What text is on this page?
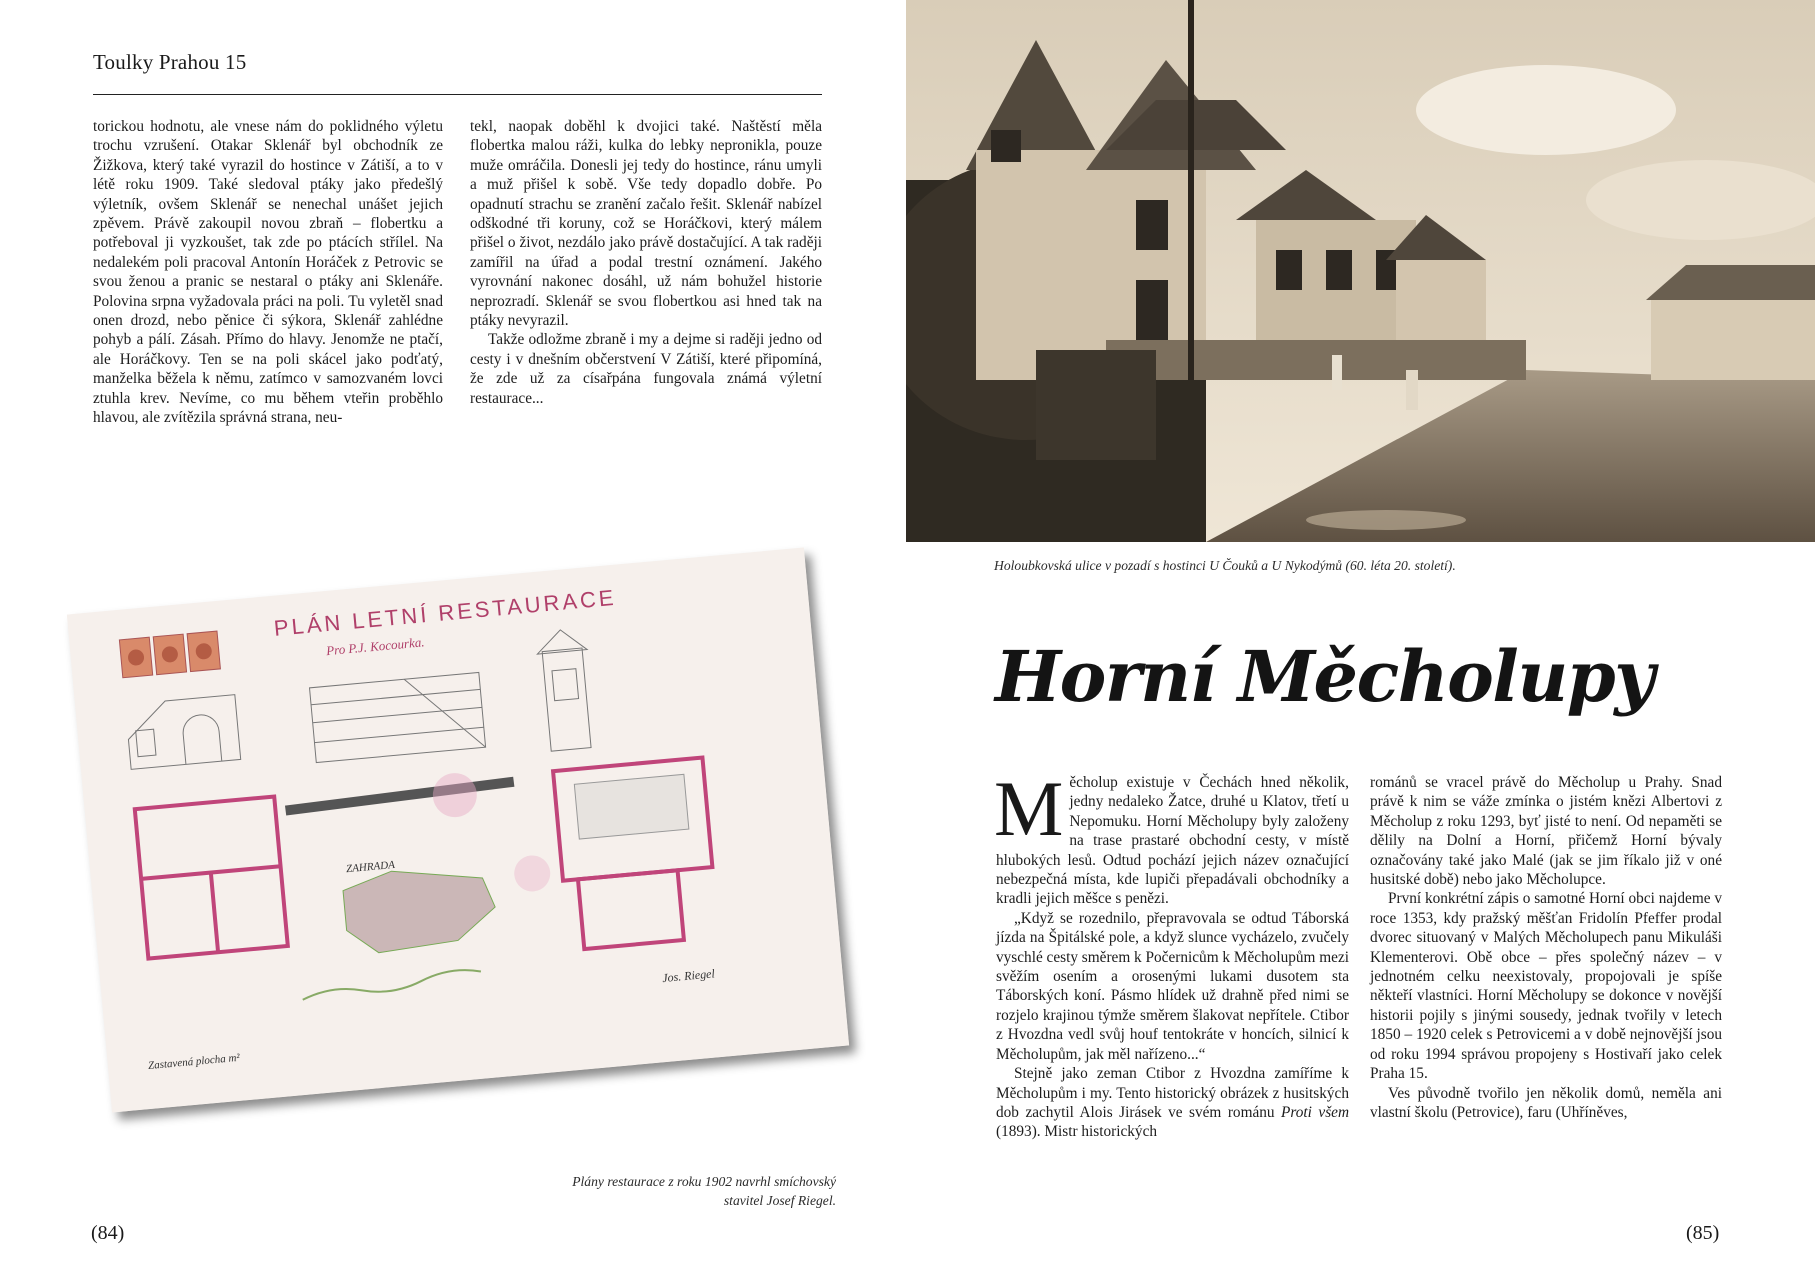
Toulky Prahou 15

torickou hodnotu, ale vnese nám do poklidného výletu trochu vzrušení. Otakar Sklenář byl obchodník ze Žižkova, který také vyrazil do hostince v Zátiší, a to v létě roku 1909. Také sledoval ptáky jako předešlý výletník, ovšem Sklenář se nenechal unášet jejich zpěvem. Právě zakoupil novou zbraň – flobertku a potřeboval ji vyzkoušet, tak zde po ptácích střílel. Na nedalekém poli pracoval Antonín Horáček z Petrovic se svou ženou a pranic se nestaral o ptáky ani Sklenáře. Polovina srpna vyžadovala práci na poli. Tu vyletěl snad onen drozd, nebo pěnice či sýkora, Sklenář zahlédne pohyb a pálí. Zásah. Přímo do hlavy. Jenomže ne ptačí, ale Horáčkovy. Ten se na poli skácel jako podťatý, manželka běžela k němu, zatímco v samozvaném lovci ztuhla krev. Nevíme, co mu během vteřin proběhlo hlavou, ale zvítězila správná strana, neu-

tekl, naopak doběhl k dvojici také. Naštěstí měla flobertka malou ráži, kulka do lebky nepronikla, pouze muže omráčila. Donesli jej tedy do hostince, ránu umyli a muž přišel k sobě. Vše tedy dopadlo dobře. Po opadnutí strachu se zranění začalo řešit. Sklenář nabízel odškodné tři koruny, což se Horáčkovi, který málem přišel o život, nezdálo jako právě dostačující. A tak raději zamířil na úřad a podal trestní oznámení. Jakého vyrovnání nakonec dosáhl, už nám bohužel historie neprozradí. Sklenář se svou flobertkou asi hned tak na ptáky nevyrazil.

Takže odložme zbraně i my a dejme si raději jedno od cesty i v dnešním občerstvení V Zátiší, které připomíná, že zde už za císařpána fungovala známá výletní restaurace...

PLÁN LETNÍ RESTAURACE
Pro P.J. Kocourka.
ZAHRADA
Zastavená plocha m²
Jos. Riegel
Plány restaurace z roku 1902 navrhl smíchovský stavitel Josef Riegel.
(84)
Holoubkovská ulice v pozadí s hostinci U Čouků a U Nykodýmů (60. léta 20. století).
Horní Měcholupy

Měcholup existuje v Čechách hned několik, jedny nedaleko Žatce, druhé u Klatov, třetí u Nepomuku. Horní Měcholupy byly založeny na trase prastaré obchodní cesty, v místě hlubokých lesů. Odtud pochází jejich název označující nebezpečná místa, kde lupiči přepadávali obchodníky a kradli jejich měšce s penězi.

„Když se rozednilo, přepravovala se odtud Táborská jízda na Špitálské pole, a když slunce vycházelo, zvučely vyschlé cesty směrem k Počernicům k Měcholupům mezi svěžím osením a orosenými lukami dusotem sta Táborských koní. Pásmo hlídek už drahně před nimi se rozjelo krajinou týmže směrem šlakovat nepřítele. Ctibor z Hvozdna vedl svůj houf tentokráte v honcích, silnicí k Měcholupům, jak měl nařízeno...“

Stejně jako zeman Ctibor z Hvozdna zamíříme k Měcholupům i my. Tento historický obrázek z husitských dob zachytil Alois Jirásek ve svém románu Proti všem (1893). Mistr historických

románů se vracel právě do Měcholup u Prahy. Snad právě k nim se váže zmínka o jistém knězi Albertovi z Měcholup z roku 1293, byť jisté to není. Od nepaměti se dělily na Dolní a Horní, přičemž Horní bývaly označovány také jako Malé (jak se jim říkalo již v oné husitské době) nebo jako Měcholupce.

První konkrétní zápis o samotné Horní obci najdeme v roce 1353, kdy pražský měšťan Fridolín Pfeffer prodal dvorec situovaný v Malých Měcholupech panu Mikuláši Klementerovi. Obě obce – přes společný název – v jednotném celku neexistovaly, propojovali je spíše někteří vlastníci. Horní Měcholupy se dokonce v novější historii pojily s jinými sousedy, jednak tvořily v letech 1850 – 1920 celek s Petrovicemi a v době nejnovější jsou od roku 1994 správou propojeny s Hostivaří jako celek Praha 15.

Ves původně tvořilo jen několik domů, neměla ani vlastní školu (Petrovice), faru (Uhříněves,

(85)
